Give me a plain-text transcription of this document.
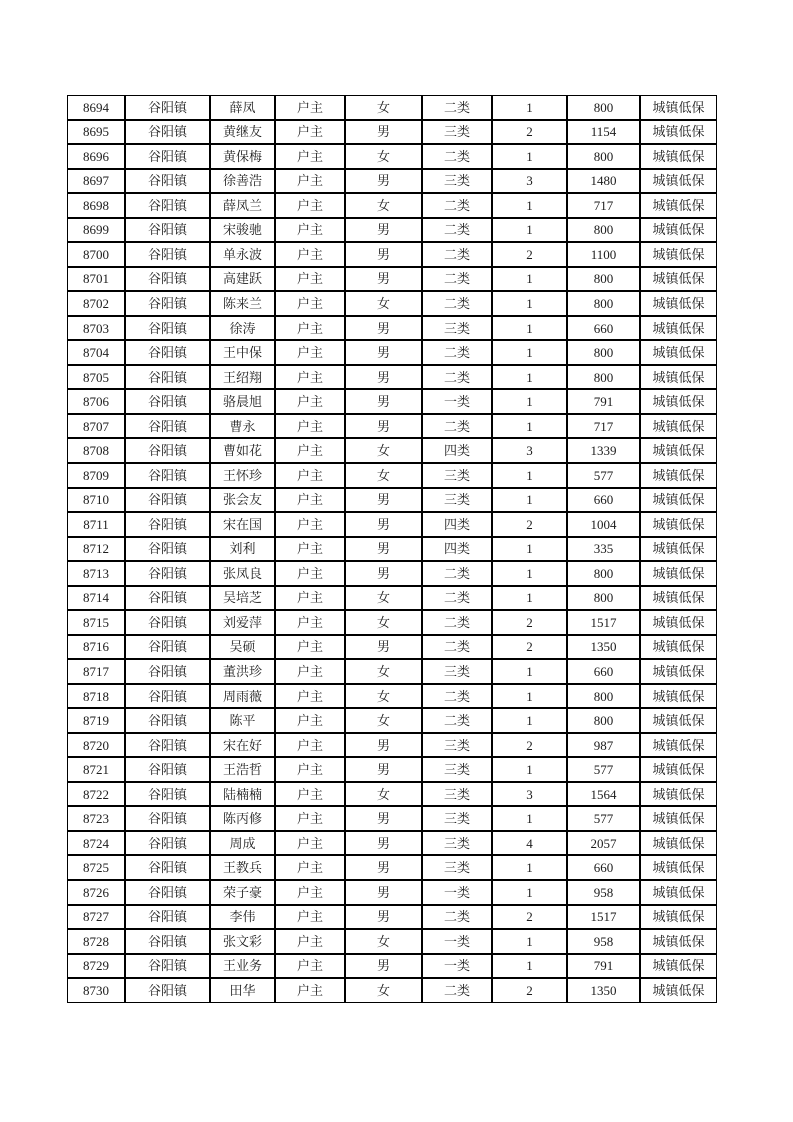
8694	谷阳镇	薛凤	户主	女	二类	1	800	城镇低保
8695	谷阳镇	黄继友	户主	男	三类	2	1154	城镇低保
8696	谷阳镇	黄保梅	户主	女	二类	1	800	城镇低保
8697	谷阳镇	徐善浩	户主	男	三类	3	1480	城镇低保
8698	谷阳镇	薛凤兰	户主	女	二类	1	717	城镇低保
8699	谷阳镇	宋骏驰	户主	男	二类	1	800	城镇低保
8700	谷阳镇	单永波	户主	男	二类	2	1100	城镇低保
8701	谷阳镇	高建跃	户主	男	二类	1	800	城镇低保
8702	谷阳镇	陈来兰	户主	女	二类	1	800	城镇低保
8703	谷阳镇	徐涛	户主	男	三类	1	660	城镇低保
8704	谷阳镇	王中保	户主	男	二类	1	800	城镇低保
8705	谷阳镇	王绍翔	户主	男	二类	1	800	城镇低保
8706	谷阳镇	骆晨旭	户主	男	一类	1	791	城镇低保
8707	谷阳镇	曹永	户主	男	二类	1	717	城镇低保
8708	谷阳镇	曹如花	户主	女	四类	3	1339	城镇低保
8709	谷阳镇	王怀珍	户主	女	三类	1	577	城镇低保
8710	谷阳镇	张会友	户主	男	三类	1	660	城镇低保
8711	谷阳镇	宋在国	户主	男	四类	2	1004	城镇低保
8712	谷阳镇	刘利	户主	男	四类	1	335	城镇低保
8713	谷阳镇	张凤良	户主	男	二类	1	800	城镇低保
8714	谷阳镇	吴培芝	户主	女	二类	1	800	城镇低保
8715	谷阳镇	刘爱萍	户主	女	二类	2	1517	城镇低保
8716	谷阳镇	吴硕	户主	男	二类	2	1350	城镇低保
8717	谷阳镇	董洪珍	户主	女	三类	1	660	城镇低保
8718	谷阳镇	周雨薇	户主	女	二类	1	800	城镇低保
8719	谷阳镇	陈平	户主	女	二类	1	800	城镇低保
8720	谷阳镇	宋在好	户主	男	三类	2	987	城镇低保
8721	谷阳镇	王浩哲	户主	男	三类	1	577	城镇低保
8722	谷阳镇	陆楠楠	户主	女	三类	3	1564	城镇低保
8723	谷阳镇	陈丙修	户主	男	三类	1	577	城镇低保
8724	谷阳镇	周成	户主	男	三类	4	2057	城镇低保
8725	谷阳镇	王教兵	户主	男	三类	1	660	城镇低保
8726	谷阳镇	荣子豪	户主	男	一类	1	958	城镇低保
8727	谷阳镇	李伟	户主	男	二类	2	1517	城镇低保
8728	谷阳镇	张文彩	户主	女	一类	1	958	城镇低保
8729	谷阳镇	王业务	户主	男	一类	1	791	城镇低保
8730	谷阳镇	田华	户主	女	二类	2	1350	城镇低保
